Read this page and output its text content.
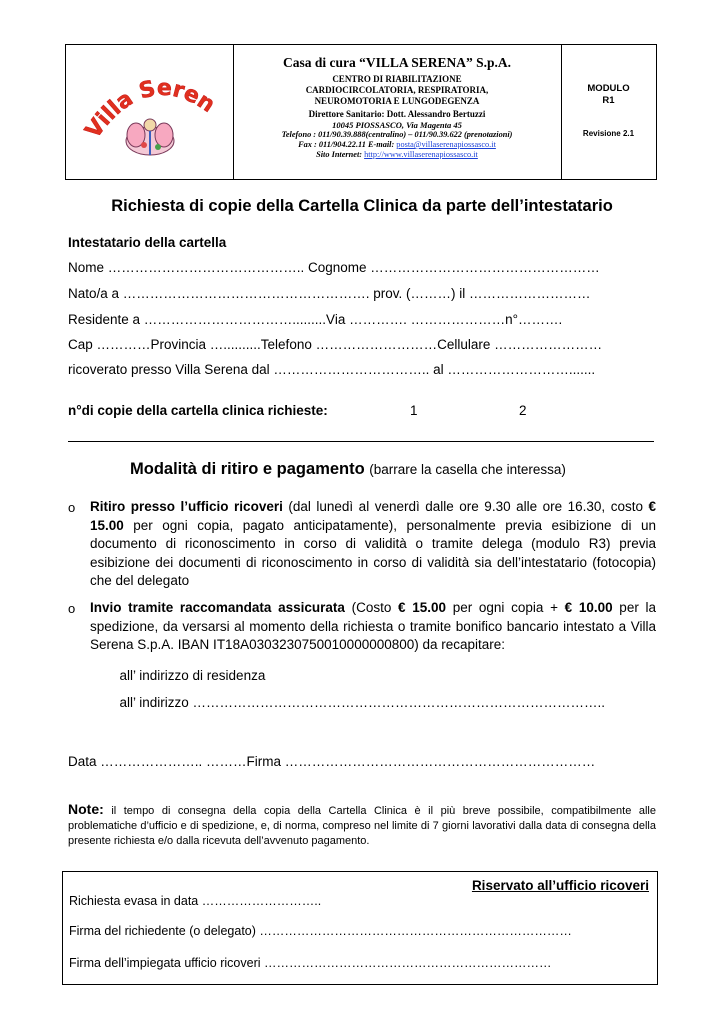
Villa Seren
Casa di cura “VILLA SERENA” S.p.A.
CENTRO DI RIABILITAZIONE
CARDIOCIRCOLATORIA, RESPIRATORIA,
NEUROMOTORIA E LUNGODEGENZA
Direttore Sanitario: Dott. Alessandro Bertuzzi
10045 PIOSSASCO, Via Magenta 45
Telefono : 011/90.39.888(centralino) – 011/90.39.622 (prenotazioni)
Fax : 011/904.22.11 E-mail: posta@villaserenapiossasco.it
Sito Internet: http://www.villaserenapiossasco.it
MODULO
R1
Revisione 2.1
Richiesta di copie della Cartella Clinica da parte dell’intestatario
Intestatario della cartella
Nome …………………………………….. Cognome ……………………………………………
Nato/a a ………………………………………………. prov. (………) il ………………………
Residente a …………………………….........Via …………. …………………n°……….
Cap …………Provincia …..........Telefono ………………………Cellulare ……………………
ricoverato presso Villa Serena dal …………………………….. al ……………………….......
n°di copie della cartella clinica richieste:	1	2
Modalità di ritiro e pagamento (barrare la casella che interessa)
o Ritiro presso l’ufficio ricoveri (dal lunedì al venerdì dalle ore 9.30 alle ore 16.30, costo € 15.00 per ogni copia, pagato anticipatamente), personalmente previa esibizione di un documento di riconoscimento in corso di validità o tramite delega (modulo R3) previa esibizione dei documenti di riconoscimento in corso di validità sia dell’intestatario (fotocopia) che del delegato
o Invio tramite raccomandata assicurata (Costo € 15.00 per ogni copia + € 10.00 per la spedizione, da versarsi al momento della richiesta o tramite bonifico bancario intestato a Villa Serena S.p.A. IBAN IT18A0303230750010000000800) da recapitare:
all’ indirizzo di residenza
all’ indirizzo ………………………………………………………………………………..
Data ………………….. ………Firma ……………………………………………………………
Note: il tempo di consegna della copia della Cartella Clinica è il più breve possibile, compatibilmente alle problematiche d’ufficio e di spedizione, e, di norma, compreso nel limite di 7 giorni lavorativi dalla data di consegna della presente richiesta e/o dalla ricevuta dell’avvenuto pagamento.
Riservato all’ufficio ricoveri
Richiesta evasa in data ………………………..
Firma del richiedente (o delegato) …………………………………………………………………
Firma dell’impiegata ufficio ricoveri ……………………………………………………………
